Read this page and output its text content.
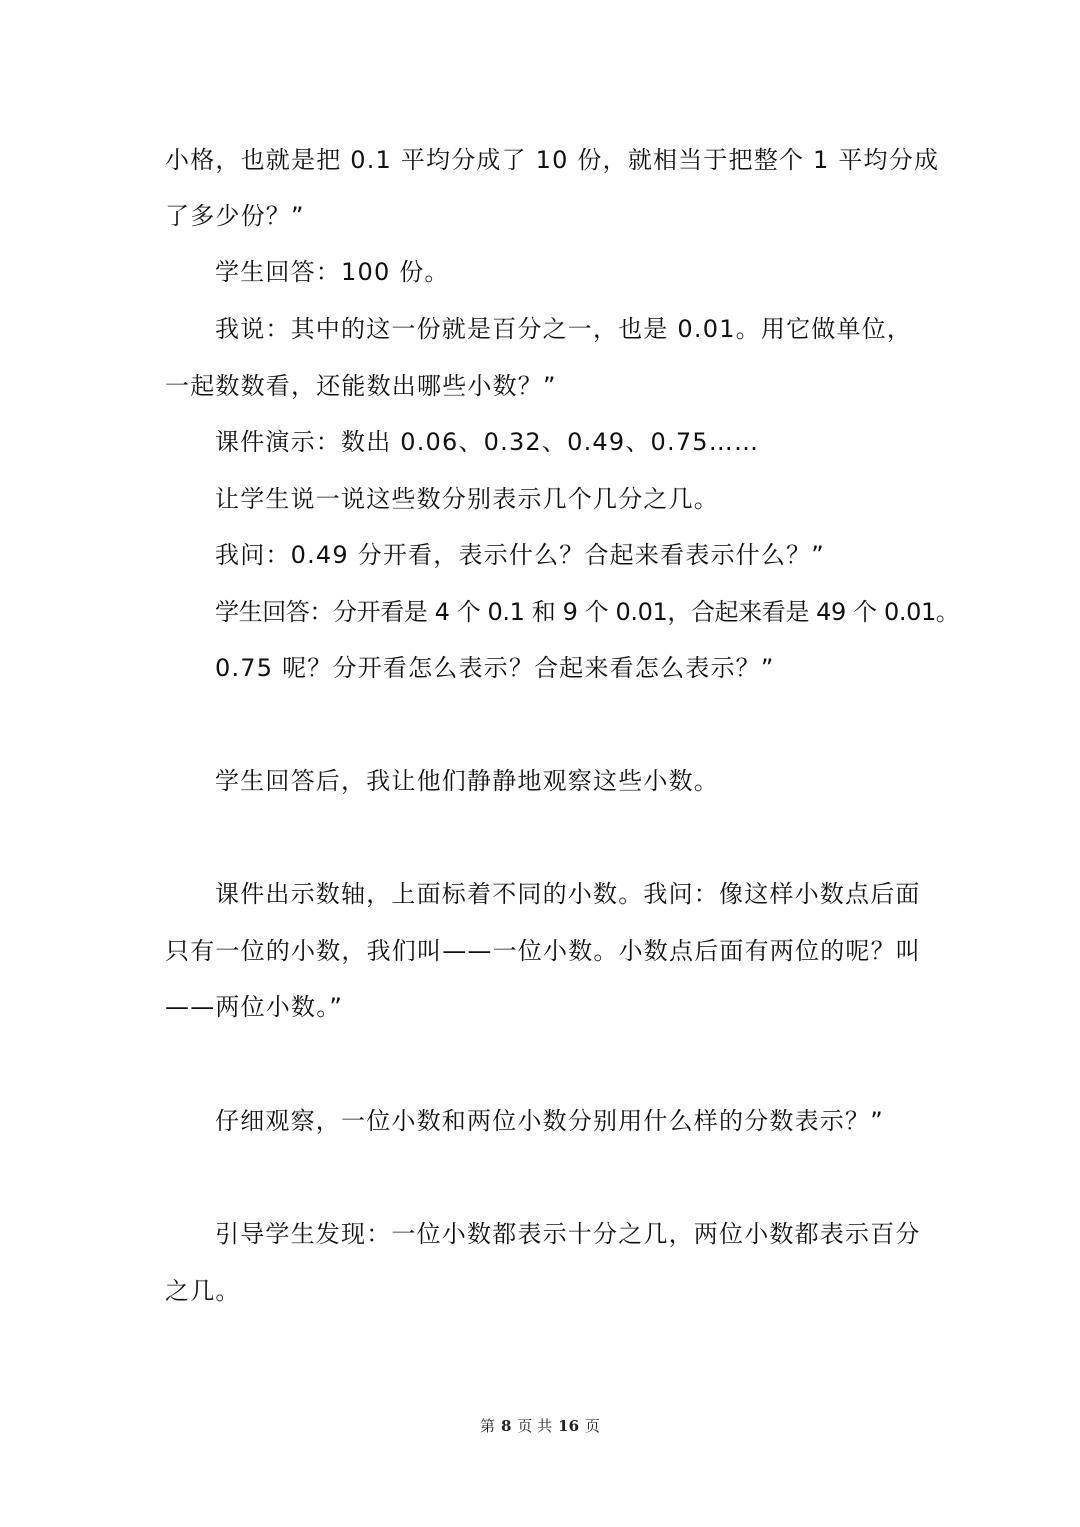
小格，也就是把 0.1 平均分成了 10 份，就相当于把整个 1 平均分成
了多少份？”
学生回答：100 份。
我说：其中的这一份就是百分之一，也是 0.01。用它做单位，
一起数数看，还能数出哪些小数？”
课件演示：数出 0.06、0.32、0.49、0.75……
让学生说一说这些数分别表示几个几分之几。
我问：0.49 分开看，表示什么？合起来看表示什么？”
学生回答：分开看是 4 个 0.1 和 9 个 0.01，合起来看是 49 个 0.01。
0.75 呢？分开看怎么表示？合起来看怎么表示？”
学生回答后，我让他们静静地观察这些小数。
课件出示数轴，上面标着不同的小数。我问：像这样小数点后面
只有一位的小数，我们叫——一位小数。小数点后面有两位的呢？叫
——两位小数。”
仔细观察，一位小数和两位小数分别用什么样的分数表示？”
引导学生发现：一位小数都表示十分之几，两位小数都表示百分
之几。
第 8 页 共 16 页
